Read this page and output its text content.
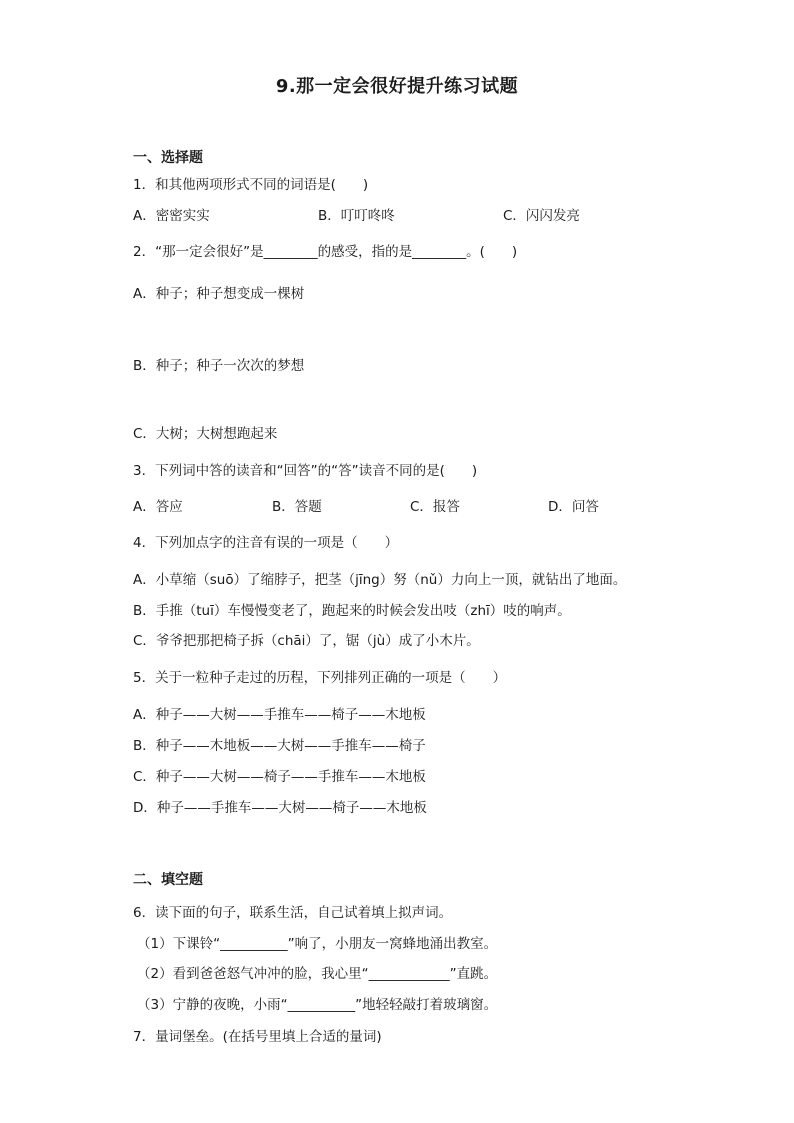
9.那一定会很好提升练习试题
一、选择题
1．和其他两项形式不同的词语是(　　)
A．密密实实	B．叮叮咚咚	C．闪闪发亮
2．“那一定会很好”是________的感受，指的是________。(　　)
A．种子；种子想变成一棵树
B．种子；种子一次次的梦想
C．大树；大树想跑起来
3．下列词中答的读音和“回答”的“答”读音不同的是(　　)
A．答应	B．答题	C．报答	D．问答
4．下列加点字的注音有误的一项是（　　）
A．小草缩（suō）了缩脖子，把茎（jīng）努（nǔ）力向上一顶，就钻出了地面。
B．手推（tuī）车慢慢变老了，跑起来的时候会发出吱（zhī）吱的响声。
C．爷爷把那把椅子拆（chāi）了，锯（jù）成了小木片。
5．关于一粒种子走过的历程，下列排列正确的一项是（　　）
A．种子——大树——手推车——椅子——木地板
B．种子——木地板——大树——手推车——椅子
C．种子——大树——椅子——手推车——木地板
D．种子——手推车——大树——椅子——木地板
二、填空题
6．读下面的句子，联系生活，自己试着填上拟声词。
（1）下课铃“__________”响了，小朋友一窝蜂地涌出教室。
（2）看到爸爸怒气冲冲的脸，我心里“____________”直跳。
（3）宁静的夜晚，小雨“__________”地轻轻敲打着玻璃窗。
7．量词堡垒。(在括号里填上合适的量词)
